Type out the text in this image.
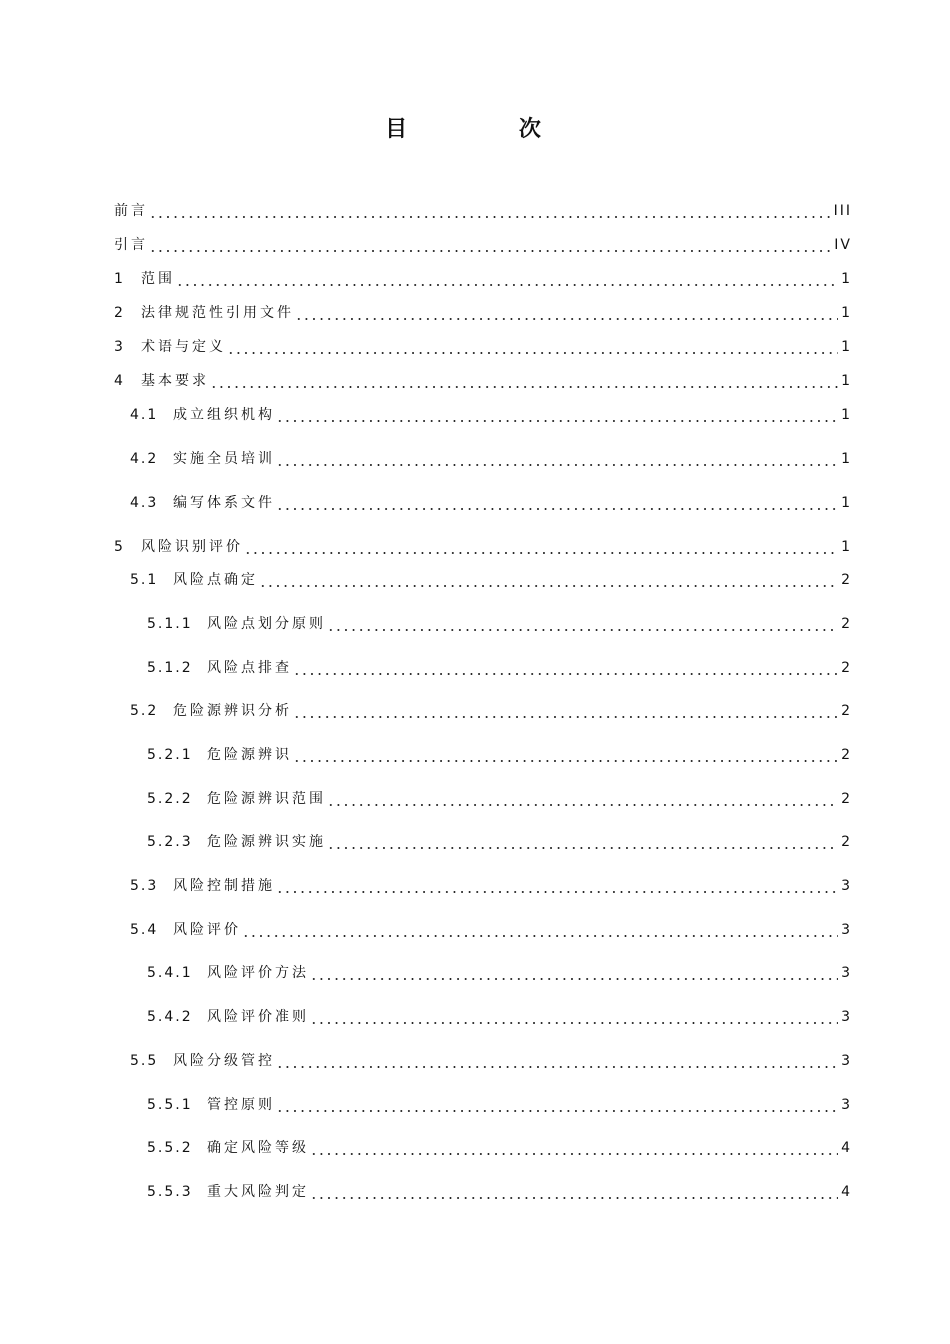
目 次
前言	III
引言	IV
1	范围	1
2	法律规范性引用文件	1
3	术语与定义	1
4	基本要求	1
4.1	成立组织机构	1
4.2	实施全员培训	1
4.3	编写体系文件	1
5	风险识别评价	1
5.1	风险点确定	2
5.1.1	风险点划分原则	2
5.1.2	风险点排查	2
5.2	危险源辨识分析	2
5.2.1	危险源辨识	2
5.2.2	危险源辨识范围	2
5.2.3	危险源辨识实施	2
5.3	风险控制措施	3
5.4	风险评价	3
5.4.1	风险评价方法	3
5.4.2	风险评价准则	3
5.5	风险分级管控	3
5.5.1	管控原则	3
5.5.2	确定风险等级	4
5.5.3	重大风险判定	4
